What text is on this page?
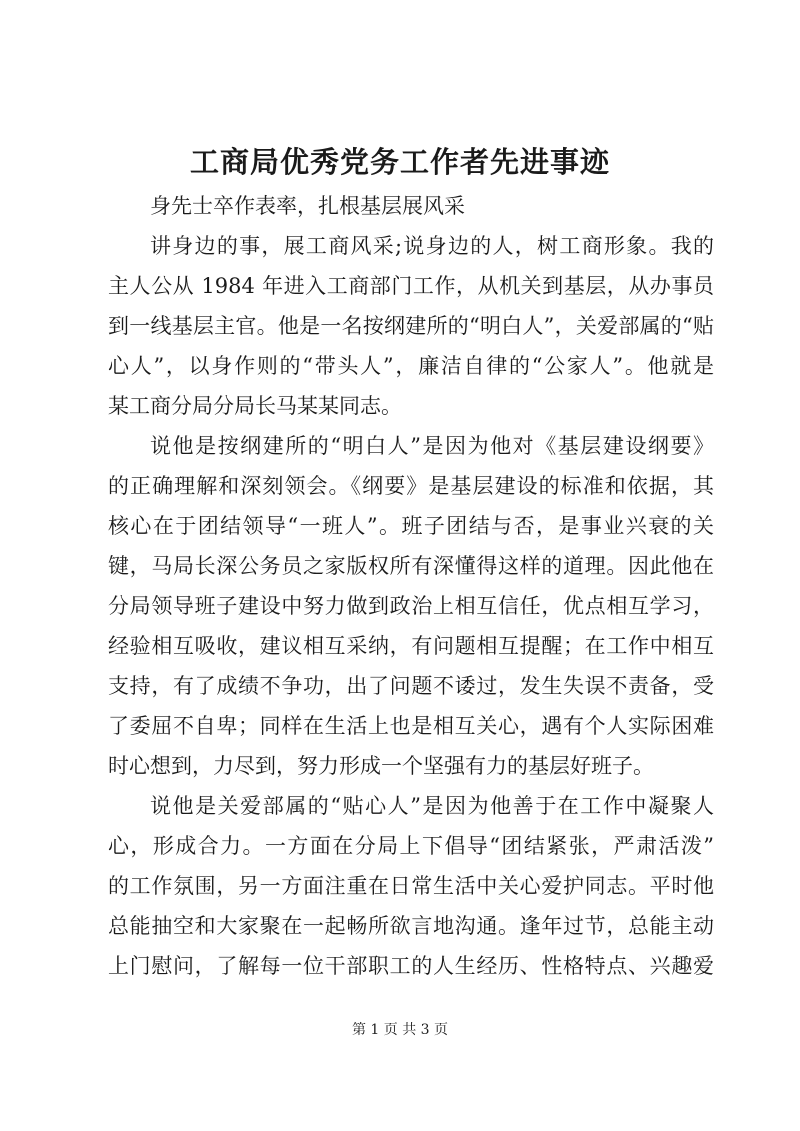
工商局优秀党务工作者先进事迹
身先士卒作表率，扎根基层展风采
讲身边的事，展工商风采;说身边的人，树工商形象。我的
主人公从 1984 年进入工商部门工作，从机关到基层，从办事员
到一线基层主官。他是一名按纲建所的“明白人”，关爱部属的“贴
心人”，以身作则的“带头人”，廉洁自律的“公家人”。他就是
某工商分局分局长马某某同志。
说他是按纲建所的“明白人”是因为他对《基层建设纲要》
的正确理解和深刻领会。《纲要》是基层建设的标准和依据，其
核心在于团结领导“一班人”。班子团结与否，是事业兴衰的关
键，马局长深公务员之家版权所有深懂得这样的道理。因此他在
分局领导班子建设中努力做到政治上相互信任，优点相互学习，
经验相互吸收，建议相互采纳，有问题相互提醒；在工作中相互
支持，有了成绩不争功，出了问题不诿过，发生失误不责备，受
了委屈不自卑；同样在生活上也是相互关心，遇有个人实际困难
时心想到，力尽到，努力形成一个坚强有力的基层好班子。
说他是关爱部属的“贴心人”是因为他善于在工作中凝聚人
心，形成合力。一方面在分局上下倡导“团结紧张，严肃活泼”
的工作氛围，另一方面注重在日常生活中关心爱护同志。平时他
总能抽空和大家聚在一起畅所欲言地沟通。逢年过节，总能主动
上门慰问，了解每一位干部职工的人生经历、性格特点、兴趣爱
第 1 页 共 3 页
